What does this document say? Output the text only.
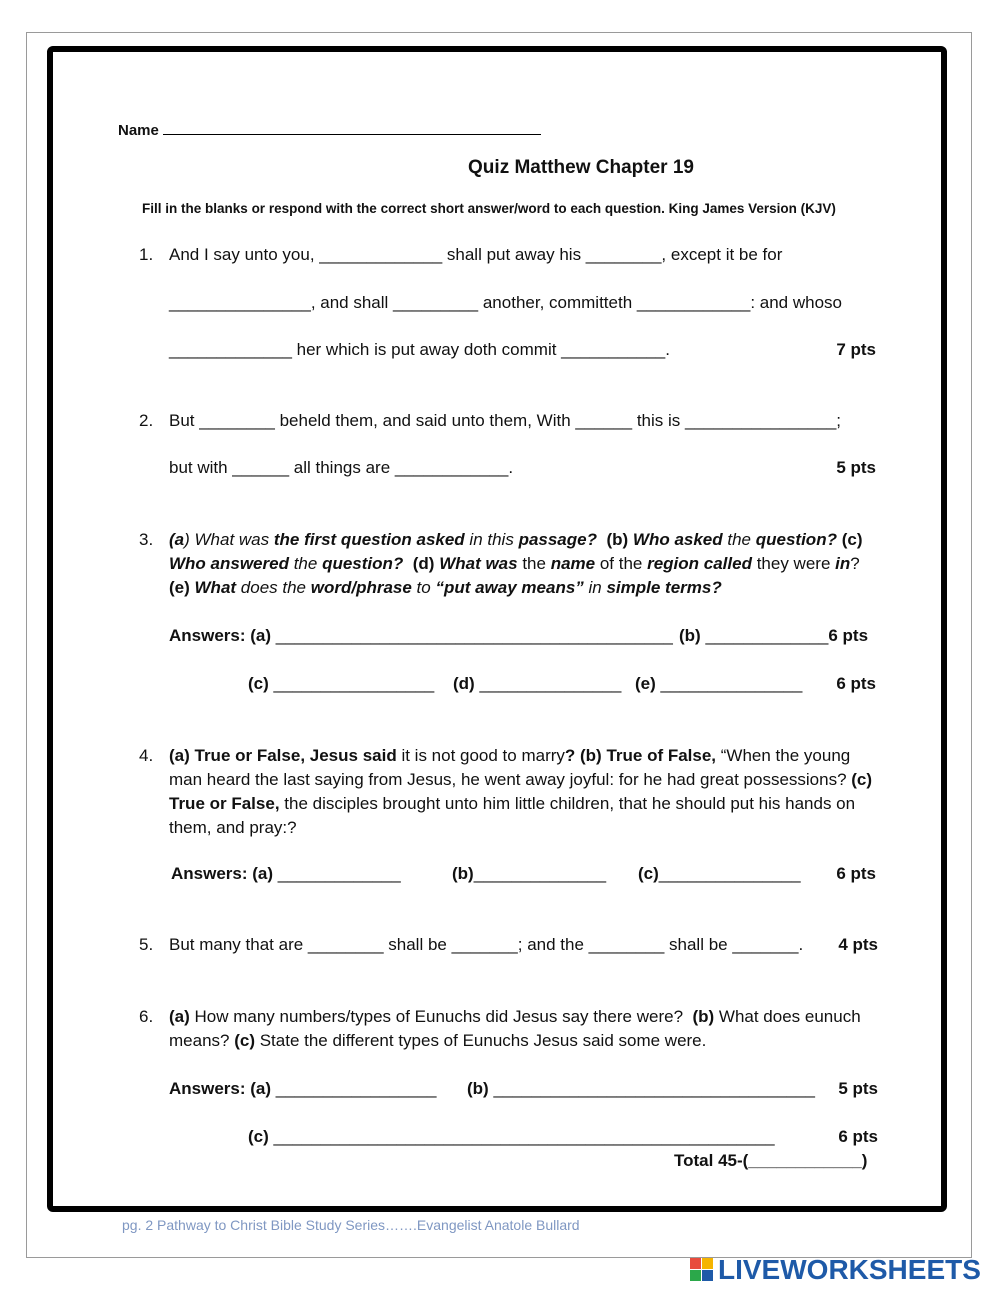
Name
Quiz Matthew Chapter 19
Fill in the blanks or respond with the correct short answer/word to each question. King James Version (KJV)
1. And I say unto you, _____________ shall put away his ________, except it be for
_______________, and shall _________ another, committeth ____________: and whoso
_____________ her which is put away doth commit ___________.	7 pts
2. But ________ beheld them, and said unto them, With ______ this is ________________;
but with ______ all things are ____________.	5 pts
3. (a) What was the first question asked in this passage? (b) Who asked the question? (c) Who answered the question? (d) What was the name of the region called they were in? (e) What does the word/phrase to “put away means” in simple terms?
Answers: (a) __________________________________________ (b) _____________6 pts
(c) _________________ (d) _______________ (e) _______________	6 pts
4. (a) True or False, Jesus said it is not good to marry? (b) True of False, “When the young man heard the last saying from Jesus, he went away joyful: for he had great possessions? (c) True or False, the disciples brought unto him little children, that he should put his hands on them, and pray:?
Answers: (a) _____________	(b)______________ (c)_______________	6 pts
5. But many that are ________ shall be _______; and the ________ shall be _______.	4 pts
6. (a) How many numbers/types of Eunuchs did Jesus say there were?  (b) What does eunuch means? (c) State the different types of Eunuchs Jesus said some were.
Answers: (a) _________________ (b) __________________________________	5 pts
(c) _____________________________________________________	6 pts
Total 45-(____________)
pg. 2 Pathway to Christ Bible Study Series…….Evangelist Anatole Bullard
LIVEWORKSHEETS
